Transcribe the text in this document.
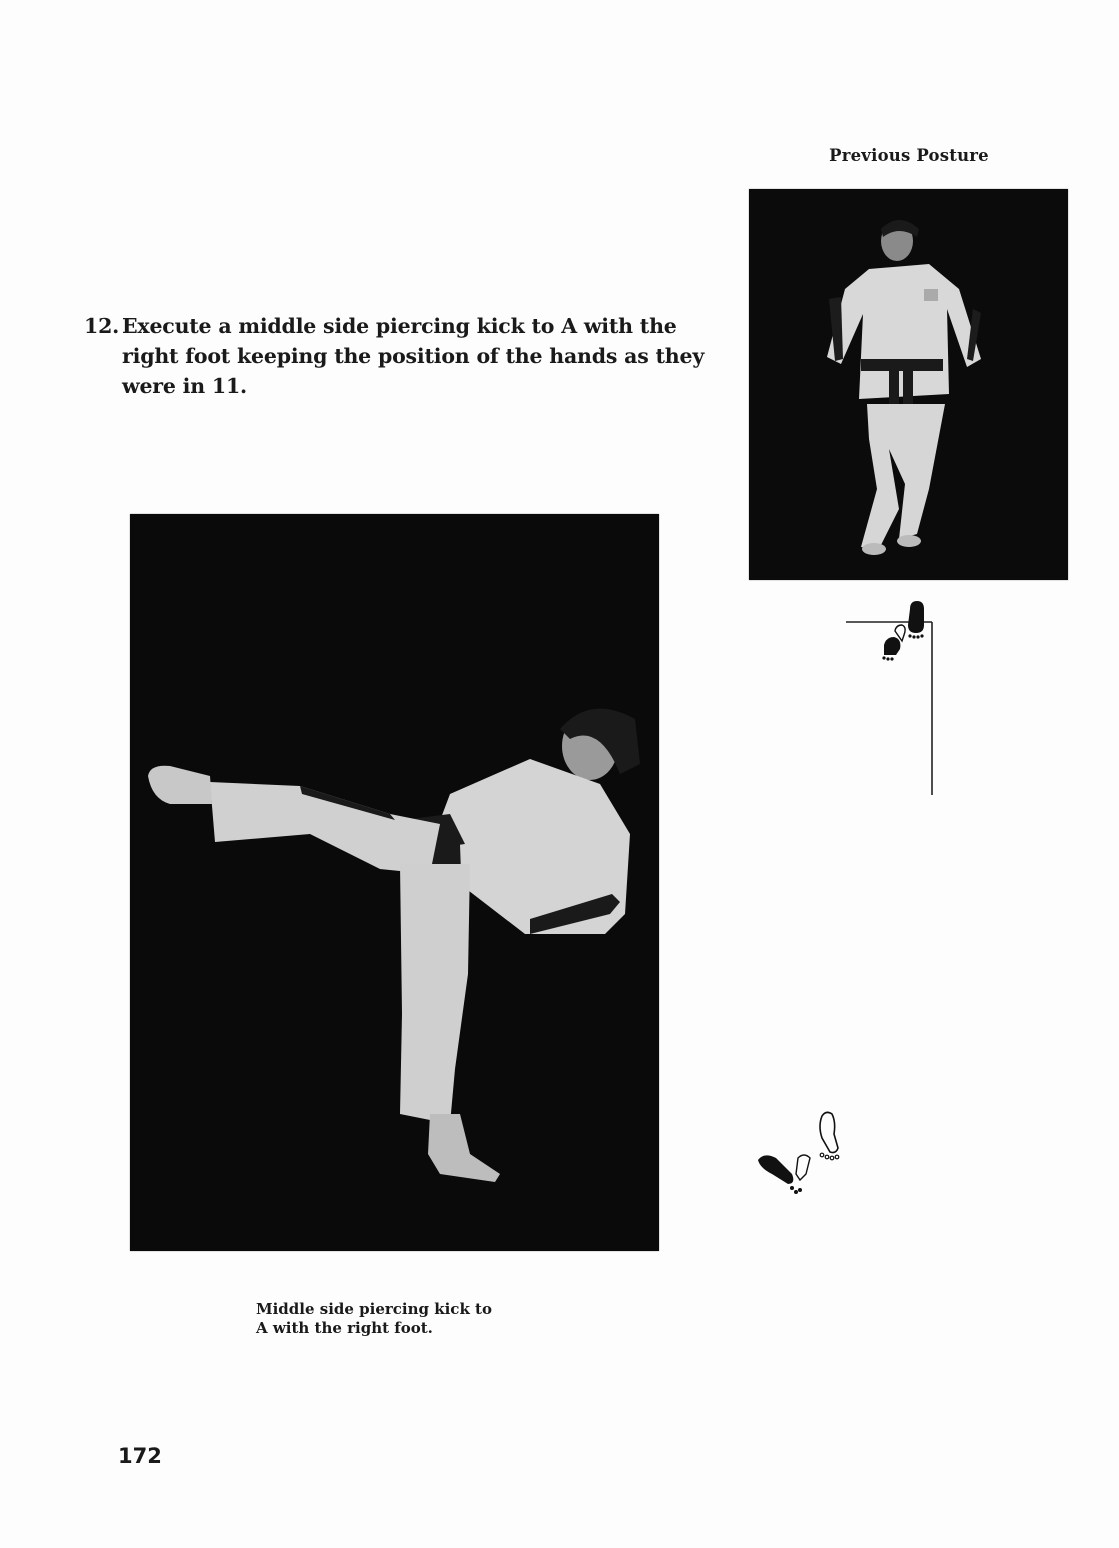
Previous Posture
12. Execute a middle side piercing kick to A with the right foot keeping the position of the hands as they were in 11.
Middle side piercing kick to
A with the right foot.
172
